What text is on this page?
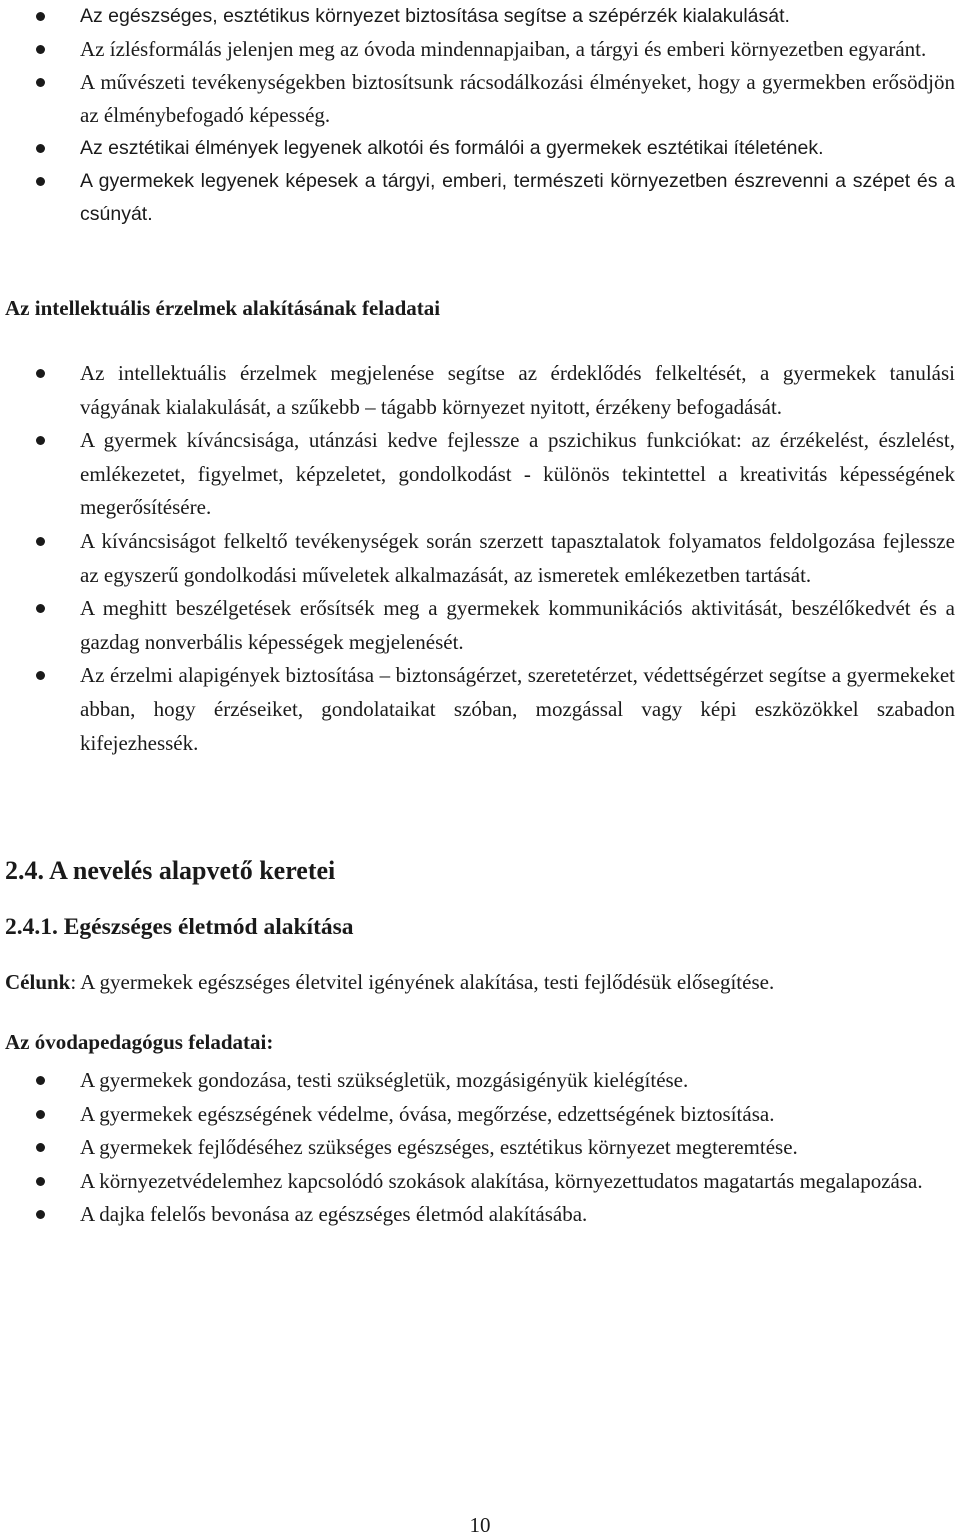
Az egészséges, esztétikus környezet biztosítása segítse a szépérzék kialakulását.
Az ízlésformálás jelenjen meg az óvoda mindennapjaiban, a tárgyi és emberi környezetben egyaránt.
A művészeti tevékenységekben biztosítsunk rácsodálkozási élményeket, hogy a gyermekben erősödjön az élménybefogadó képesség.
Az esztétikai élmények legyenek alkotói és formálói a gyermekek esztétikai ítéletének.
A gyermekek legyenek képesek a tárgyi, emberi, természeti környezetben észrevenni a szépet és a csúnyát.
Az intellektuális érzelmek alakításának feladatai
Az intellektuális érzelmek megjelenése segítse az érdeklődés felkeltését, a gyermekek tanulási vágyának kialakulását, a szűkebb – tágabb környezet nyitott, érzékeny befogadását.
A gyermek kíváncsisága, utánzási kedve fejlessze a pszichikus funkciókat: az érzékelést, észlelést, emlékezetet, figyelmet, képzeletet, gondolkodást - különös tekintettel a kreativitás képességének megerősítésére.
A kíváncsiságot felkeltő tevékenységek során szerzett tapasztalatok folyamatos feldolgozása fejlessze az egyszerű gondolkodási műveletek alkalmazását, az ismeretek emlékezetben tartását.
A meghitt beszélgetések erősítsék meg a gyermekek kommunikációs aktivitását, beszélőkedvét és a gazdag nonverbális képességek megjelenését.
Az érzelmi alapigények biztosítása – biztonságérzet, szeretetérzet, védettségérzet segítse a gyermekeket abban, hogy érzéseiket, gondolataikat szóban, mozgással vagy képi eszközökkel szabadon kifejezhessék.
2.4. A nevelés alapvető keretei
2.4.1. Egészséges életmód alakítása

Célunk: A gyermekek egészséges életvitel igényének alakítása, testi fejlődésük elősegítése.

Az óvodapedagógus feladatai:
A gyermekek gondozása, testi szükségletük, mozgásigényük kielégítése.
A gyermekek egészségének védelme, óvása, megőrzése, edzettségének biztosítása.
A gyermekek fejlődéséhez szükséges egészséges, esztétikus környezet megteremtése.
A környezetvédelemhez kapcsolódó szokások alakítása, környezettudatos magatartás megalapozása.
A dajka felelős bevonása az egészséges életmód alakításába.
10
